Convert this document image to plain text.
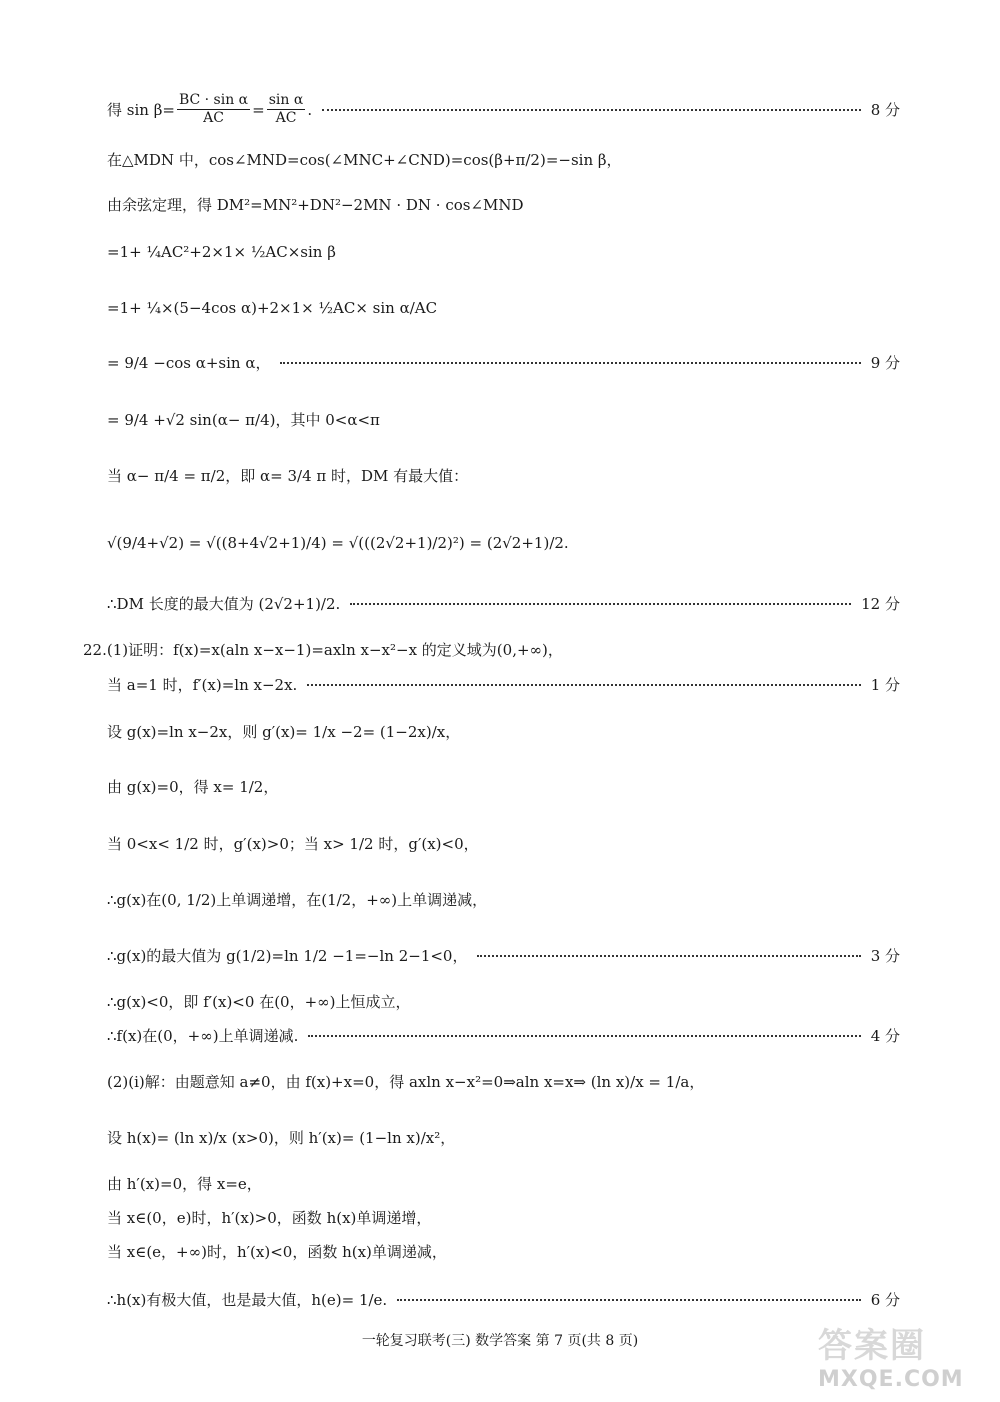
得 $\sin \beta= \frac{\text{BC · sin α}}{AC} = \frac{\text{sin α}}{AC}$ .	8 分
在△MDN 中，cos∠MND=cos(∠MNC+∠CND)=cos(β+π/2)=−sin β，
由余弦定理，得 DM²=MN²+DN²−2MN · DN · cos∠MND
=1+ ¼AC²+2×1× ½AC×sin β
=1+ ¼×(5−4cos α)+2×1× ½AC× sin α/AC
= 9/4 −cos α+sin α，	9 分
= 9/4 +√2 sin(α− π/4)，其中 0<α<π
当 α− π/4 = π/2，即 α= 3/4 π 时，DM 有最大值：
√(9/4+√2) = √((8+4√2+1)/4) = √(((2√2+1)/2)²) = (2√2+1)/2.
∴DM 长度的最大值为 (2√2+1)/2.	12 分
22.(1)证明：f(x)=x(aln x−x−1)=axln x−x²−x 的定义域为(0,+∞)，
当 a=1 时，f′(x)=ln x−2x.	1 分
设 g(x)=ln x−2x，则 g′(x)= 1/x −2= (1−2x)/x，
由 g(x)=0，得 x= 1/2，
当 0<x< 1/2 时，g′(x)>0；当 x> 1/2 时，g′(x)<0，
∴g(x)在(0, 1/2)上单调递增，在(1/2，+∞)上单调递减，
∴g(x)的最大值为 g(1/2)=ln 1/2 −1=−ln 2−1<0，	3 分
∴g(x)<0，即 f′(x)<0 在(0，+∞)上恒成立，
∴f(x)在(0，+∞)上单调递减.	4 分
(2)(ⅰ)解：由题意知 a≠0，由 f(x)+x=0，得 axln x−x²=0⇒aln x=x⇒ (ln x)/x = 1/a，
设 h(x)= (ln x)/x (x>0)，则 h′(x)= (1−ln x)/x²，
由 h′(x)=0，得 x=e，
当 x∈(0，e)时，h′(x)>0，函数 h(x)单调递增，
当 x∈(e，+∞)时，h′(x)<0，函数 h(x)单调递减，
∴h(x)有极大值，也是最大值，h(e)= 1/e.	6 分
一轮复习联考(三) 数学答案 第 7 页(共 8 页)	答案圈
MXQE.COM
